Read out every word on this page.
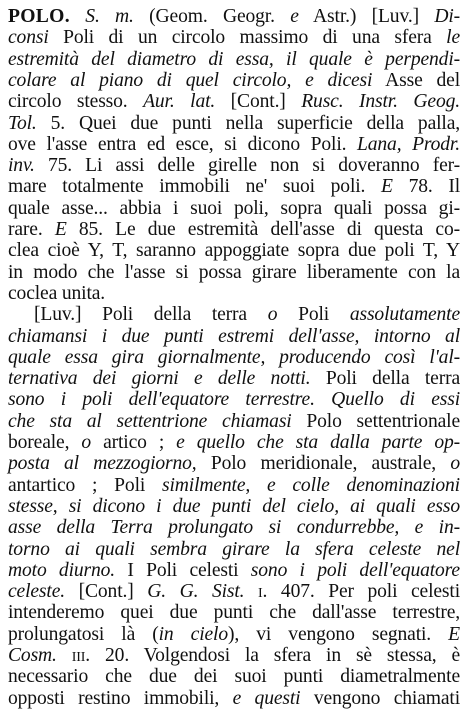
POLO. S. m. (Geom. Geogr. e Astr.) [Luv.] Di-
consi Poli di un circolo massimo di una sfera le
estremità del diametro di essa, il quale è perpendi-
colare al piano di quel circolo, e dicesi Asse del
circolo stesso. Aur. lat. [Cont.] Rusc. Instr. Geog.
Tol. 5. Quei due punti nella superficie della palla,
ove l'asse entra ed esce, si dicono Poli. Lana, Prodr.
inv. 75. Li assi delle girelle non si doveranno fer-
mare totalmente immobili ne' suoi poli. E 78. Il
quale asse... abbia i suoi poli, sopra quali possa gi-
rare. E 85. Le due estremità dell'asse di questa co-
clea cioè Y, T, saranno appoggiate sopra due poli T, Y
in modo che l'asse si possa girare liberamente con la
coclea unita.
[Luv.] Poli della terra o Poli assolutamente
chiamansi i due punti estremi dell'asse, intorno al
quale essa gira giornalmente, producendo così l'al-
ternativa dei giorni e delle notti. Poli della terra
sono i poli dell'equatore terrestre. Quello di essi
che sta al settentrione chiamasi Polo settentrionale
boreale, o artico ; e quello che sta dalla parte op-
posta al mezzogiorno, Polo meridionale, australe, o
antartico ; Poli similmente, e colle denominazioni
stesse, si dicono i due punti del cielo, ai quali esso
asse della Terra prolungato si condurrebbe, e in-
torno ai quali sembra girare la sfera celeste nel
moto diurno. I Poli celesti sono i poli dell'equatore
celeste. [Cont.] G. G. Sist. i. 407. Per poli celesti
intenderemo quei due punti che dall'asse terrestre,
prolungatosi là (in cielo), vi vengono segnati. E
Cosm. iii. 20. Volgendosi la sfera in sè stessa, è
necessario che due dei suoi punti diametralmente
opposti restino immobili, e questi vengono chiamati
